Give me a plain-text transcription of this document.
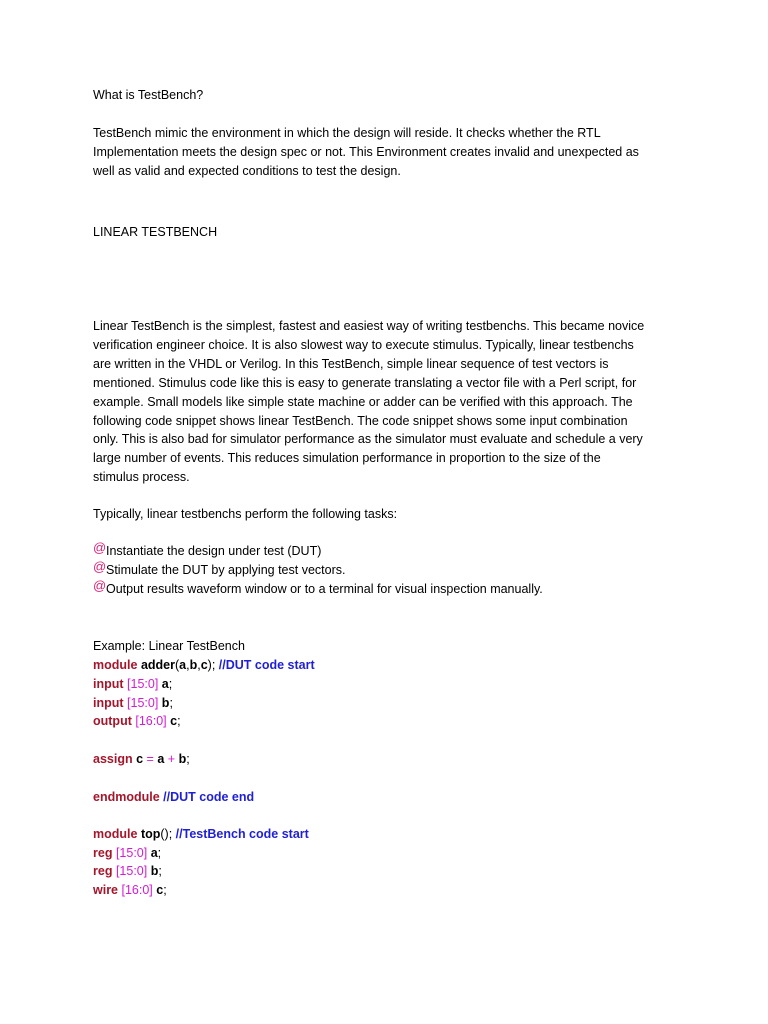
What is TestBench?
TestBench mimic the environment in which the design will reside. It checks whether the RTL
Implementation meets the design spec or not. This Environment creates invalid and unexpected as
well as valid and expected conditions to test the design.
LINEAR TESTBENCH
Linear TestBench is the simplest, fastest and easiest way of writing testbenchs. This became novice
verification engineer choice. It is also slowest way to execute stimulus. Typically, linear testbenchs
are written in the VHDL or Verilog. In this TestBench, simple linear sequence of test vectors is
mentioned. Stimulus code like this is easy to generate translating a vector file with a Perl script, for
example. Small models like simple state machine or adder can be verified with this approach. The
following code snippet shows linear TestBench. The code snippet shows some input combination
only. This is also bad for simulator performance as the simulator must evaluate and schedule a very
large number of events. This reduces simulation performance in proportion to the size of the
stimulus process.
Typically, linear testbenchs perform the following tasks:
@Instantiate the design under test (DUT)
@Stimulate the DUT by applying test vectors.
@Output results waveform window or to a terminal for visual inspection manually.
Example: Linear TestBench
module adder(a,b,c); //DUT code start
input [15:0] a;
input [15:0] b;
output [16:0] c;
assign c = a + b;
endmodule //DUT code end
module top(); //TestBench code start
reg [15:0] a;
reg [15:0] b;
wire [16:0] c;
